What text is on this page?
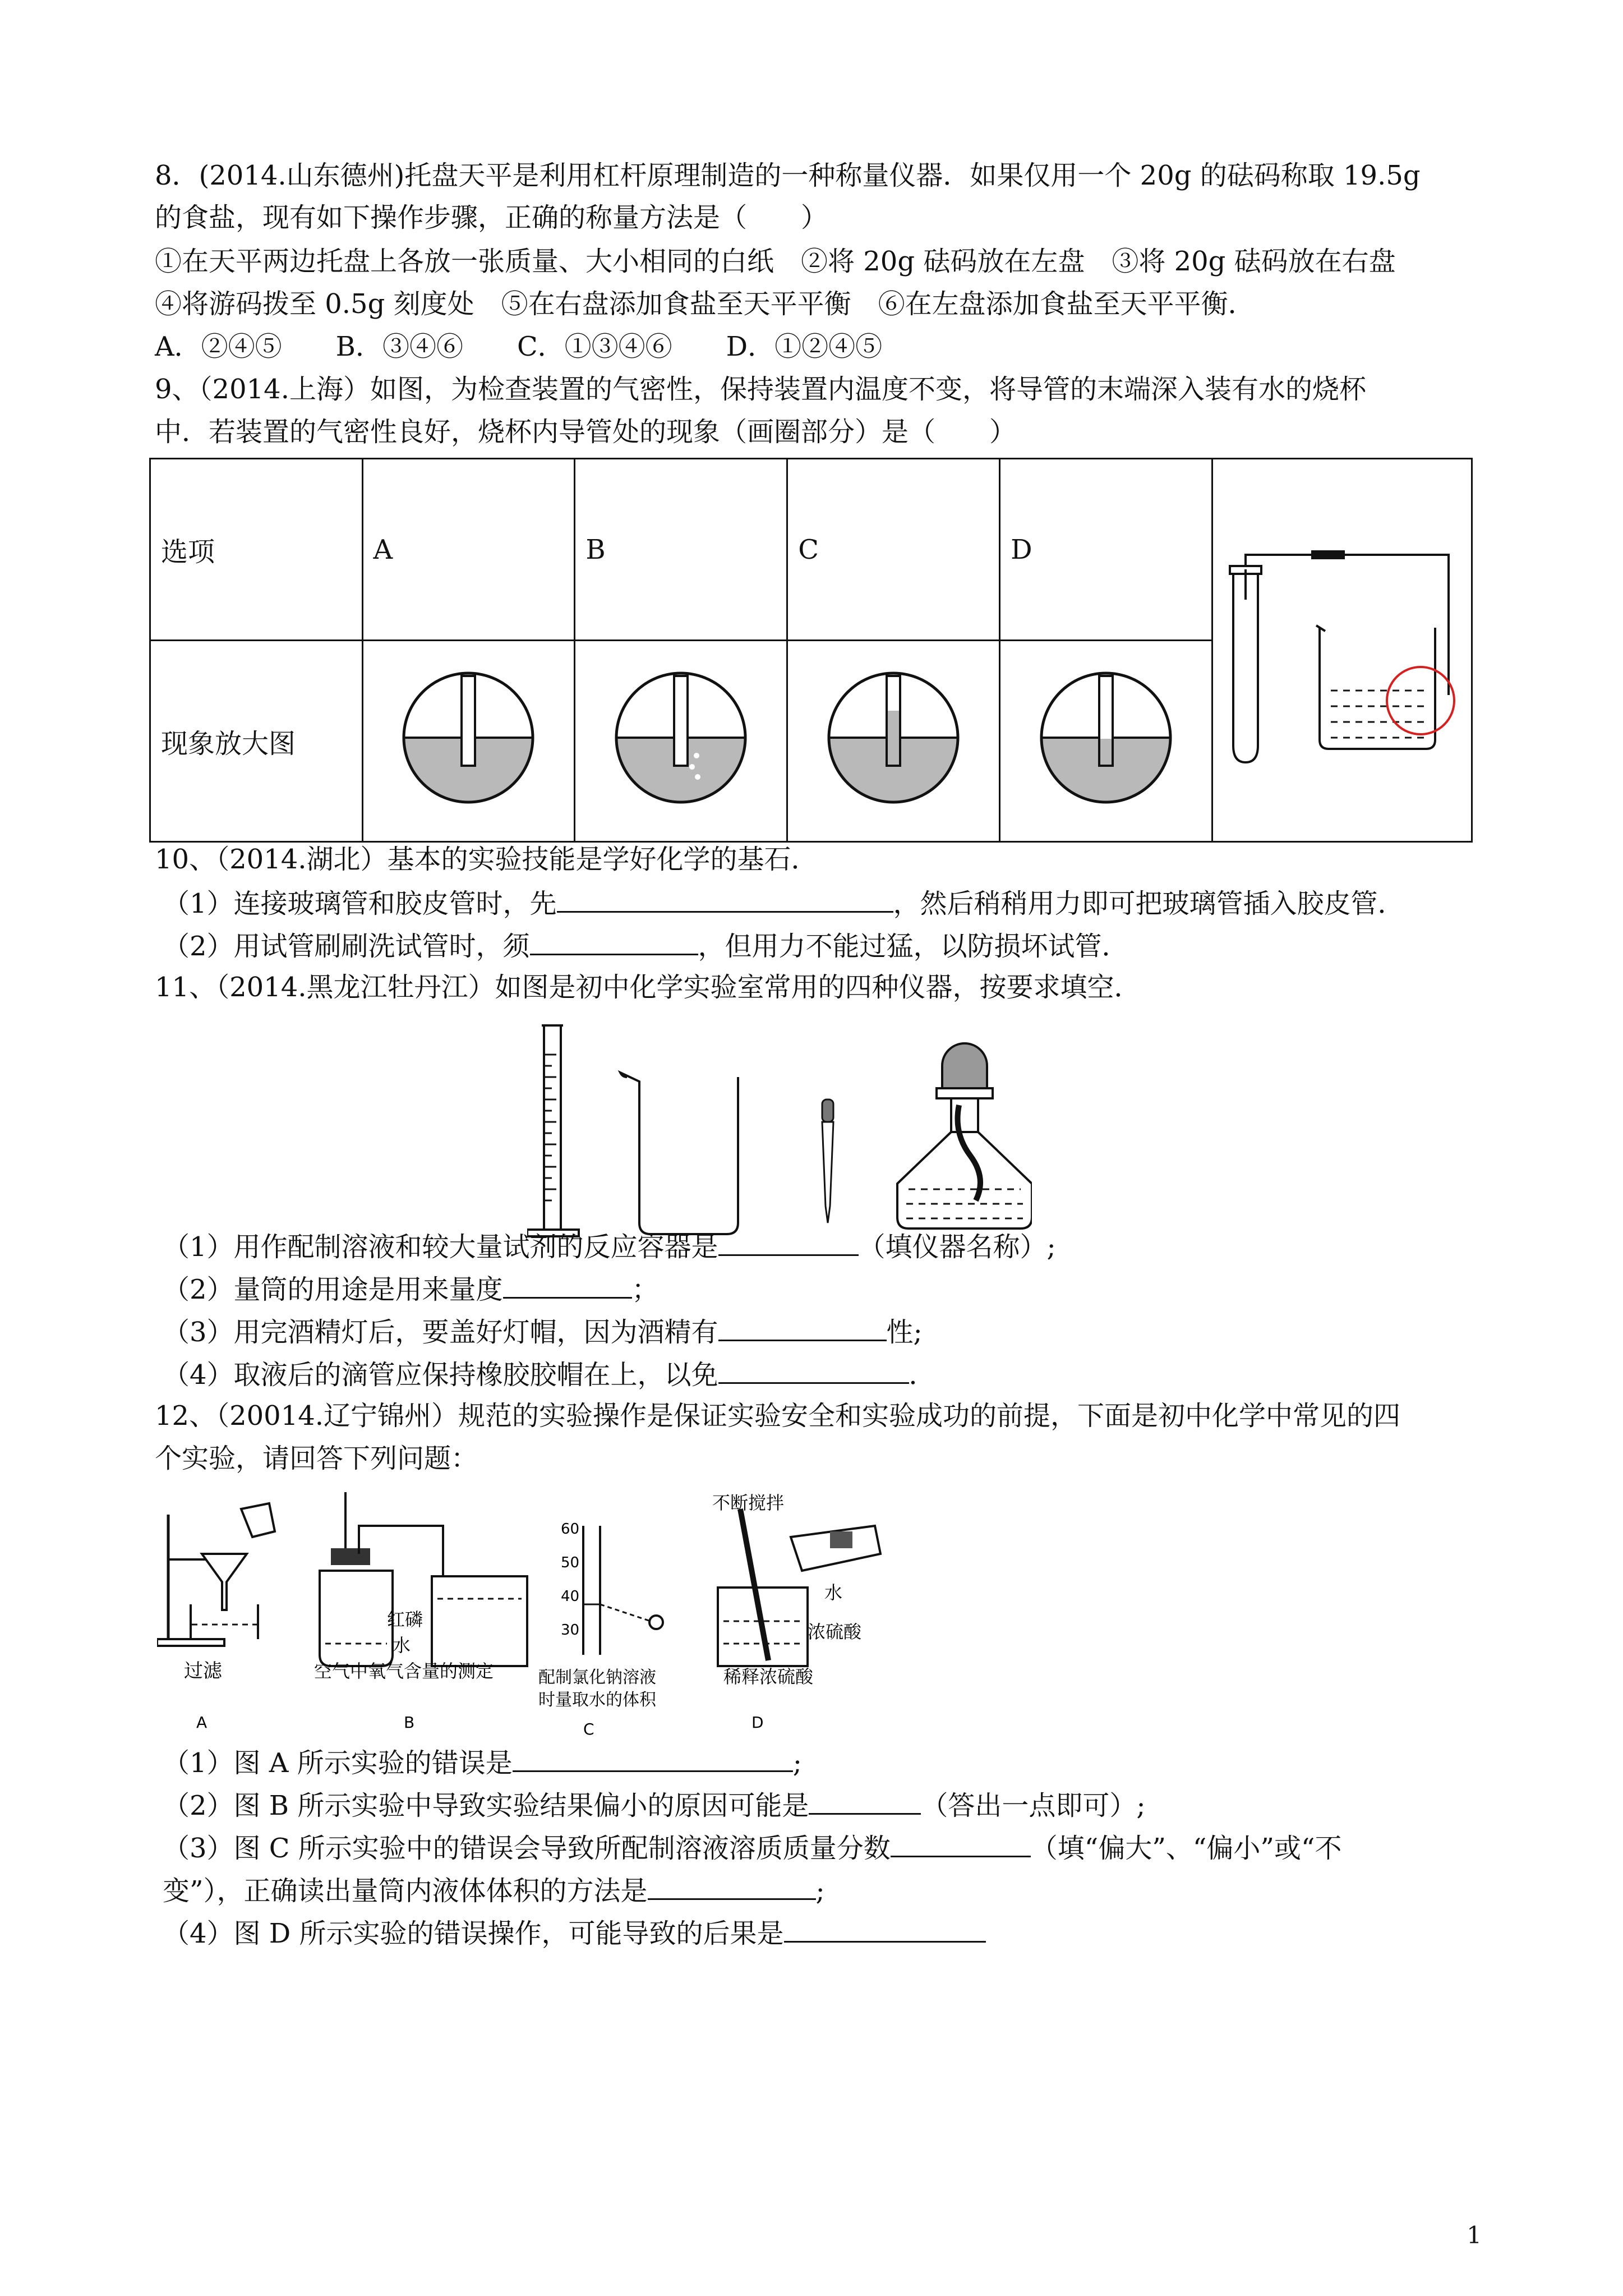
8．(2014.山东德州)托盘天平是利用杠杆原理制造的一种称量仪器．如果仅用一个 20g 的砝码称取 19.5g
的食盐，现有如下操作步骤，正确的称量方法是（　　）
①在天平两边托盘上各放一张质量、大小相同的白纸　②将 20g 砝码放在左盘　③将 20g 砝码放在右盘
④将游码拨至 0.5g 刻度处　⑤在右盘添加食盐至天平平衡　⑥在左盘添加食盐至天平平衡．
A．②④⑤　　B．③④⑥　　C．①③④⑥　　D．①②④⑤
9、（2014.上海）如图，为检查装置的气密性，保持装置内温度不变，将导管的末端深入装有水的烧杯
中．若装置的气密性良好，烧杯内导管处的现象（画圈部分）是（　　）
选项	A	B	C	D	
现象放大图				
10、（2014.湖北）基本的实验技能是学好化学的基石．
（1）连接玻璃管和胶皮管时，先	，然后稍稍用力即可把玻璃管插入胶皮管．
（2）用试管刷刷洗试管时，须	，但用力不能过猛，以防损坏试管．
11、（2014.黑龙江牡丹江）如图是初中化学实验室常用的四种仪器，按要求填空．
（1）用作配制溶液和较大量试剂的反应容器是	（填仪器名称）;
（2）量筒的用途是用来量度	；
（3）用完酒精灯后，要盖好灯帽，因为酒精有	性;
（4）取液后的滴管应保持橡胶胶帽在上，以免	．
12、（20014.辽宁锦州）规范的实验操作是保证实验安全和实验成功的前提，下面是初中化学中常见的四
个实验，请回答下列问题：
过滤
A
红磷
水
空气中氧气含量的测定
B
60
50
40
30
配制氯化钠溶液
时量取水的体积
C
不断搅拌
水
浓硫酸
稀释浓硫酸
D
（1）图 A 所示实验的错误是	;
（2）图 B 所示实验中导致实验结果偏小的原因可能是	（答出一点即可）;
（3）图 C 所示实验中的错误会导致所配制溶液溶质质量分数	（填“偏大”、“偏小”或“不
变”），正确读出量筒内液体体积的方法是	;
（4）图 D 所示实验的错误操作，可能导致的后果是
1
